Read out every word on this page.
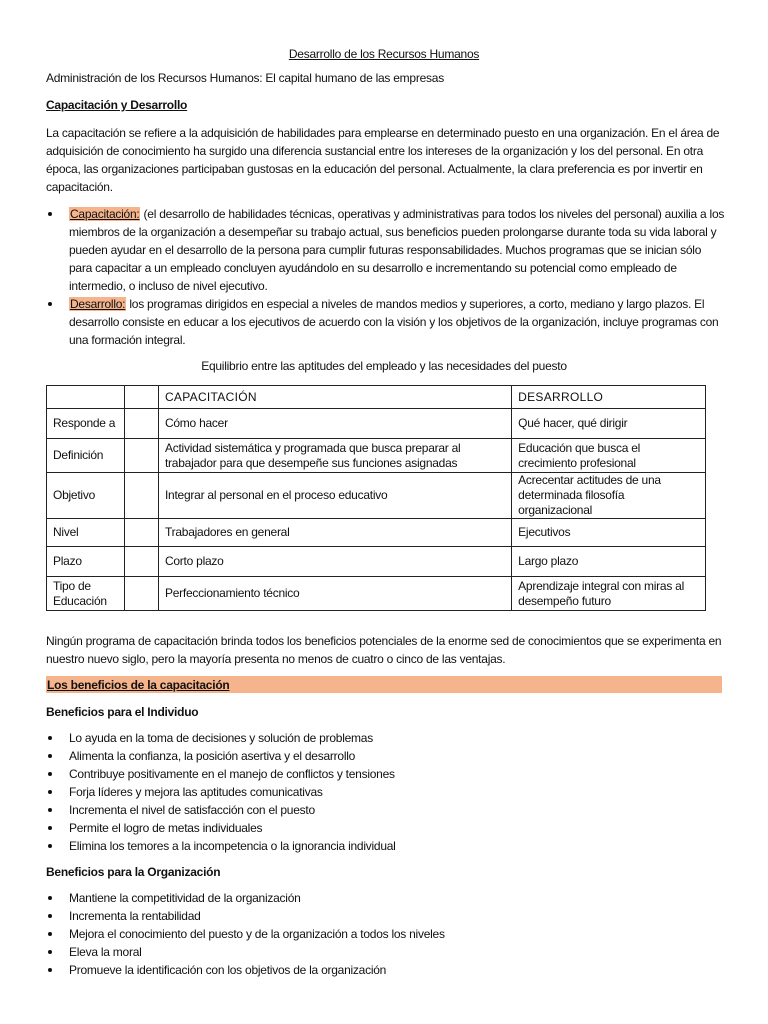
Desarrollo de los Recursos Humanos

Administración de los Recursos Humanos: El capital humano de las empresas

Capacitación y Desarrollo

La capacitación se refiere a la adquisición de habilidades para emplearse en determinado puesto en una organización. En el área de adquisición de conocimiento ha surgido una diferencia sustancial entre los intereses de la organización y los del personal. En otra época, las organizaciones participaban gustosas en la educación del personal. Actualmente, la clara preferencia es por invertir en capacitación.

Capacitación: (el desarrollo de habilidades técnicas, operativas y administrativas para todos los niveles del personal) auxilia a los miembros de la organización a desempeñar su trabajo actual, sus beneficios pueden prolongarse durante toda su vida laboral y pueden ayudar en el desarrollo de la persona para cumplir futuras responsabilidades. Muchos programas que se inician sólo para capacitar a un empleado concluyen ayudándolo en su desarrollo e incrementando su potencial como empleado de intermedio, o incluso de nivel ejecutivo.
Desarrollo: los programas dirigidos en especial a niveles de mandos medios y superiores, a corto, mediano y largo plazos. El desarrollo consiste en educar a los ejecutivos de acuerdo con la visión y los objetivos de la organización, incluye programas con una formación integral.

Equilibrio entre las aptitudes del empleado y las necesidades del puesto

		CAPACITACIÓN	DESARROLLO
Responde a		Cómo hacer	Qué hacer, qué dirigir
Definición		Actividad sistemática y programada que busca preparar al trabajador para que desempeñe sus funciones asignadas	Educación que busca el crecimiento profesional
Objetivo		Integrar al personal en el proceso educativo	Acrecentar actitudes de una determinada filosofía organizacional
Nivel		Trabajadores en general	Ejecutivos
Plazo		Corto plazo	Largo plazo
Tipo de Educación		Perfeccionamiento técnico	Aprendizaje integral con miras al desempeño futuro

Ningún programa de capacitación brinda todos los beneficios potenciales de la enorme sed de conocimientos que se experimenta en nuestro nuevo siglo, pero la mayoría presenta no menos de cuatro o cinco de las ventajas.

Los beneficios de la capacitación
Beneficios para el Individuo
Lo ayuda en la toma de decisiones y solución de problemas
Alimenta la confianza, la posición asertiva y el desarrollo
Contribuye positivamente en el manejo de conflictos y tensiones
Forja líderes y mejora las aptitudes comunicativas
Incrementa el nivel de satisfacción con el puesto
Permite el logro de metas individuales
Elimina los temores a la incompetencia o la ignorancia individual
Beneficios para la Organización
Mantiene la competitividad de la organización
Incrementa la rentabilidad
Mejora el conocimiento del puesto y de la organización a todos los niveles
Eleva la moral
Promueve la identificación con los objetivos de la organización
